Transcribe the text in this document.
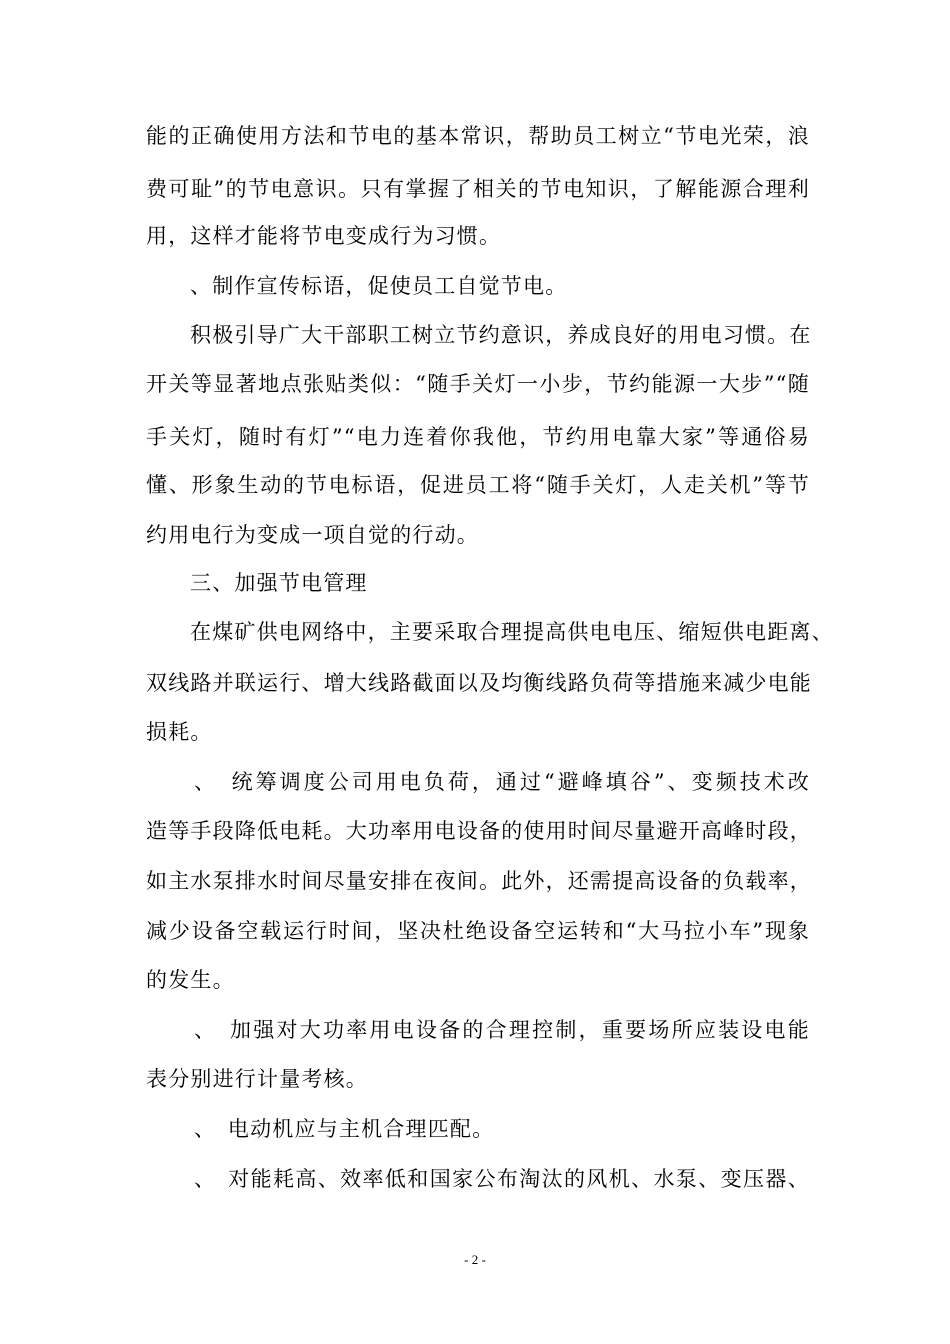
能的正确使用方法和节电的基本常识，帮助员工树立“节电光荣，浪
费可耻”的节电意识。只有掌握了相关的节电知识，了解能源合理利
用，这样才能将节电变成行为习惯。
、制作宣传标语，促使员工自觉节电。
积极引导广大干部职工树立节约意识，养成良好的用电习惯。在
开关等显著地点张贴类似：“随手关灯一小步，节约能源一大步”“随
手关灯，随时有灯”“电力连着你我他，节约用电靠大家”等通俗易
懂、形象生动的节电标语，促进员工将“随手关灯，人走关机”等节
约用电行为变成一项自觉的行动。
三、加强节电管理
在煤矿供电网络中，主要采取合理提高供电电压、缩短供电距离、
双线路并联运行、增大线路截面以及均衡线路负荷等措施来减少电能
损耗。
、　统筹调度公司用电负荷，通过“避峰填谷”、变频技术改
造等手段降低电耗。大功率用电设备的使用时间尽量避开高峰时段，
如主水泵排水时间尽量安排在夜间。此外，还需提高设备的负载率，
减少设备空载运行时间，坚决杜绝设备空运转和“大马拉小车”现象
的发生。
、　加强对大功率用电设备的合理控制，重要场所应装设电能
表分别进行计量考核。
、　电动机应与主机合理匹配。
、　对能耗高、效率低和国家公布淘汰的风机、水泵、变压器、
- 2 -
